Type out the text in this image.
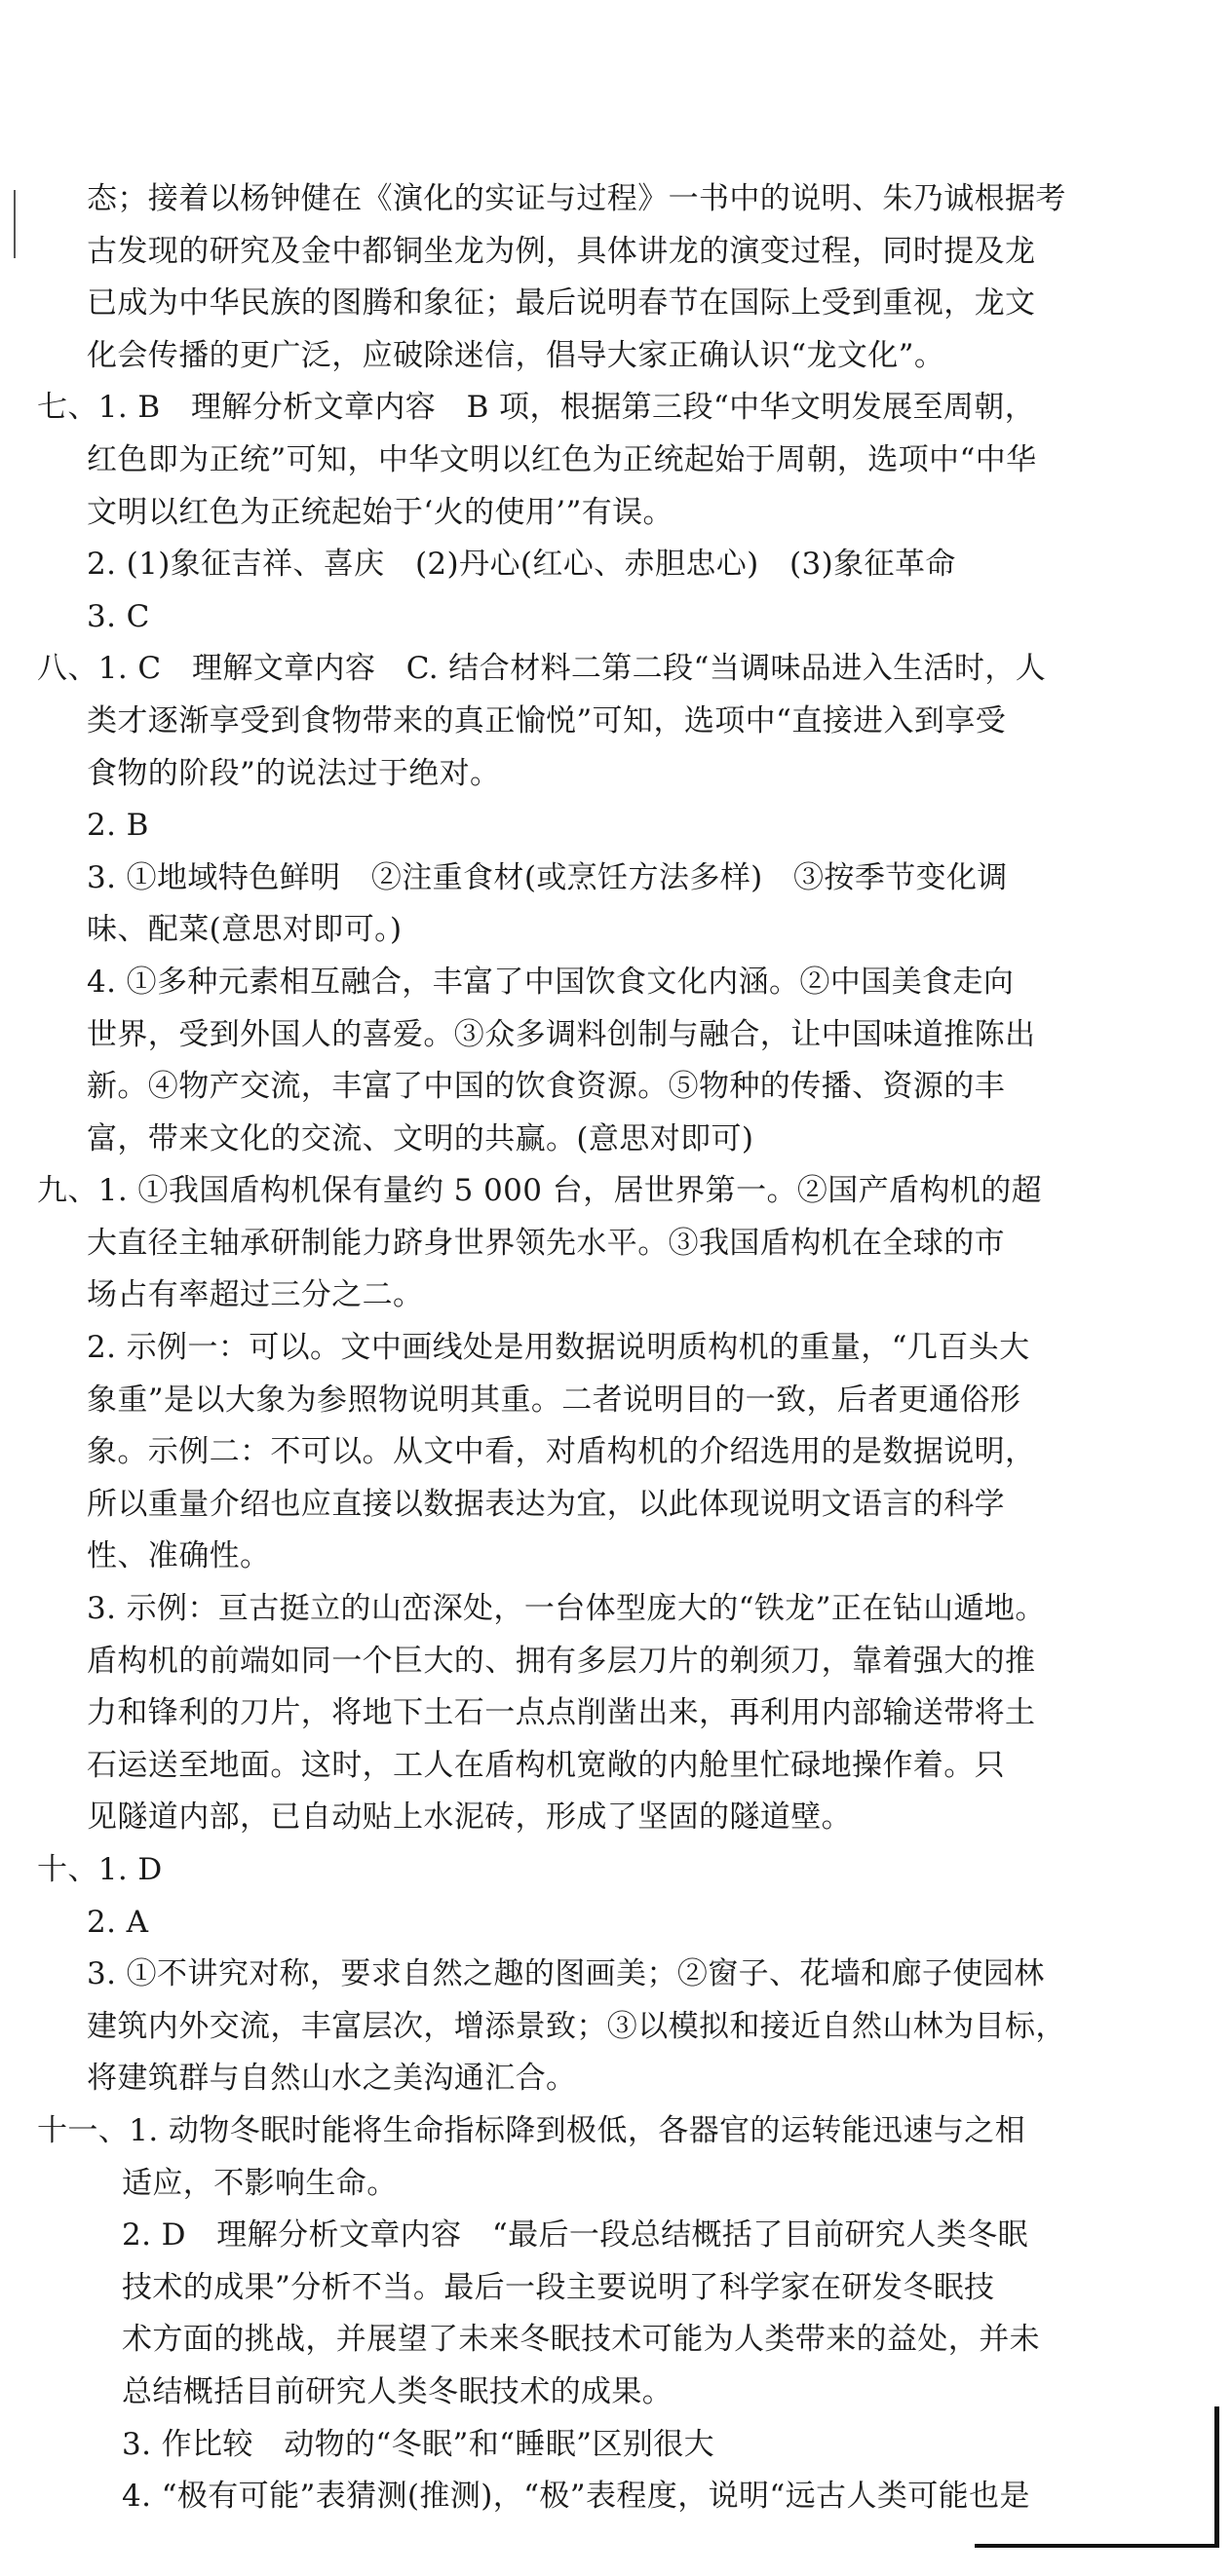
态；接着以杨钟健在《演化的实证与过程》一书中的说明、朱乃诚根据考
古发现的研究及金中都铜坐龙为例，具体讲龙的演变过程，同时提及龙
已成为中华民族的图腾和象征；最后说明春节在国际上受到重视，龙文
化会传播的更广泛，应破除迷信，倡导大家正确认识“龙文化”。
七、1. B　理解分析文章内容　B 项，根据第三段“中华文明发展至周朝，
红色即为正统”可知，中华文明以红色为正统起始于周朝，选项中“中华
文明以红色为正统起始于‘火的使用’”有误。
2. (1)象征吉祥、喜庆　(2)丹心(红心、赤胆忠心)　(3)象征革命
3. C
八、1. C　理解文章内容　C. 结合材料二第二段“当调味品进入生活时，人
类才逐渐享受到食物带来的真正愉悦”可知，选项中“直接进入到享受
食物的阶段”的说法过于绝对。
2. B
3. ①地域特色鲜明　②注重食材(或烹饪方法多样)　③按季节变化调
味、配菜(意思对即可。)
4. ①多种元素相互融合，丰富了中国饮食文化内涵。②中国美食走向
世界，受到外国人的喜爱。③众多调料创制与融合，让中国味道推陈出
新。④物产交流，丰富了中国的饮食资源。⑤物种的传播、资源的丰
富，带来文化的交流、文明的共赢。(意思对即可)
九、1. ①我国盾构机保有量约 5 000 台，居世界第一。②国产盾构机的超
大直径主轴承研制能力跻身世界领先水平。③我国盾构机在全球的市
场占有率超过三分之二。
2. 示例一：可以。文中画线处是用数据说明质构机的重量，“几百头大
象重”是以大象为参照物说明其重。二者说明目的一致，后者更通俗形
象。示例二：不可以。从文中看，对盾构机的介绍选用的是数据说明，
所以重量介绍也应直接以数据表达为宜，以此体现说明文语言的科学
性、准确性。
3. 示例：亘古挺立的山峦深处，一台体型庞大的“铁龙”正在钻山遁地。
盾构机的前端如同一个巨大的、拥有多层刀片的剃须刀，靠着强大的推
力和锋利的刀片，将地下土石一点点削凿出来，再利用内部输送带将土
石运送至地面。这时，工人在盾构机宽敞的内舱里忙碌地操作着。只
见隧道内部，已自动贴上水泥砖，形成了坚固的隧道壁。
十、1. D
2. A
3. ①不讲究对称，要求自然之趣的图画美；②窗子、花墙和廊子使园林
建筑内外交流，丰富层次，增添景致；③以模拟和接近自然山林为目标，
将建筑群与自然山水之美沟通汇合。
十一、1. 动物冬眠时能将生命指标降到极低，各器官的运转能迅速与之相
适应，不影响生命。
2. D　理解分析文章内容　“最后一段总结概括了目前研究人类冬眠
技术的成果”分析不当。最后一段主要说明了科学家在研发冬眠技
术方面的挑战，并展望了未来冬眠技术可能为人类带来的益处，并未
总结概括目前研究人类冬眠技术的成果。
3. 作比较　动物的“冬眠”和“睡眠”区别很大
4. “极有可能”表猜测(推测)，“极”表程度，说明“远古人类可能也是
